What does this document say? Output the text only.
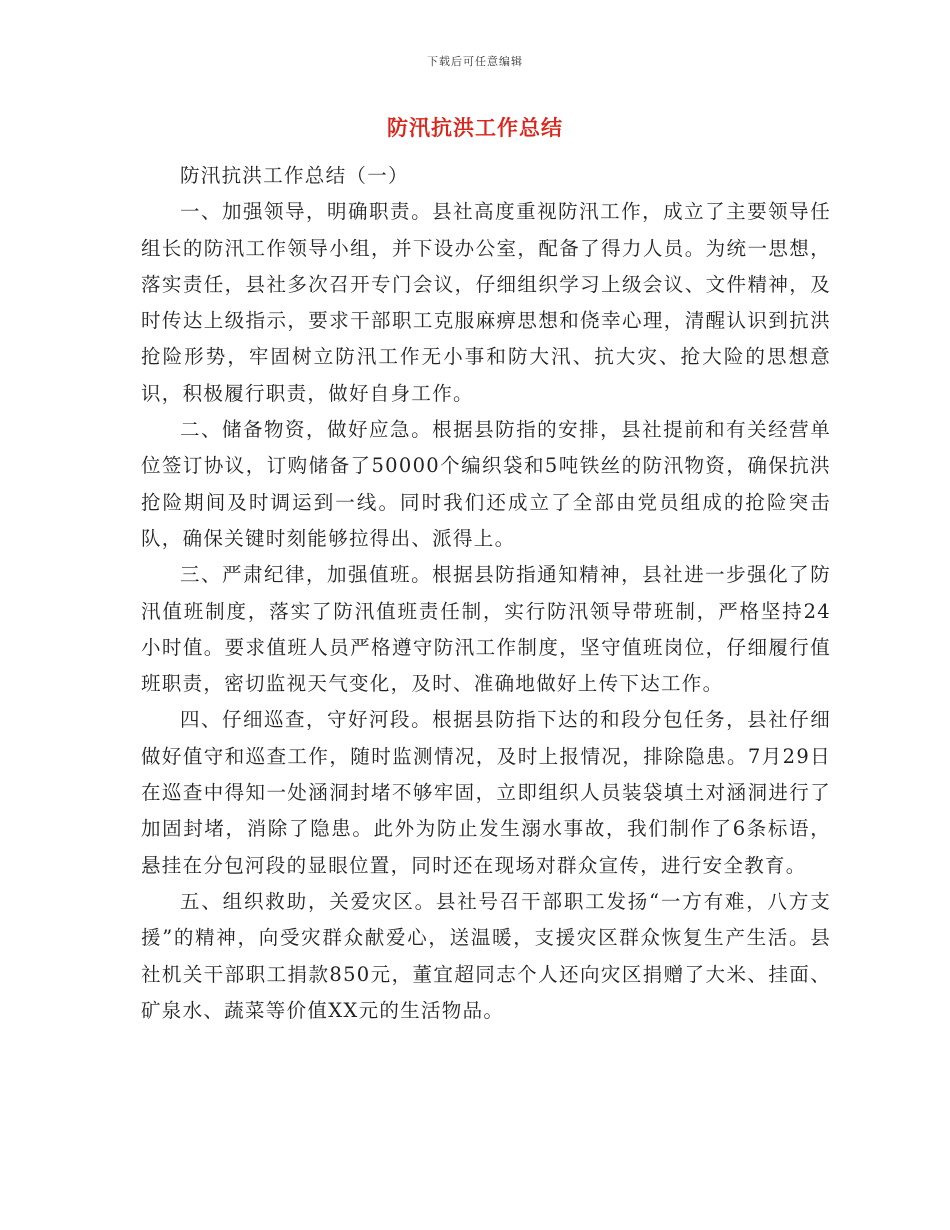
下载后可任意编辑
防汛抗洪工作总结

防汛抗洪工作总结（一）

一、加强领导，明确职责。县社高度重视防汛工作，成立了主要领导任组长的防汛工作领导小组，并下设办公室，配备了得力人员。为统一思想，落实责任，县社多次召开专门会议，仔细组织学习上级会议、文件精神，及时传达上级指示，要求干部职工克服麻痹思想和侥幸心理，清醒认识到抗洪抢险形势，牢固树立防汛工作无小事和防大汛、抗大灾、抢大险的思想意识，积极履行职责，做好自身工作。

二、储备物资，做好应急。根据县防指的安排，县社提前和有关经营单位签订协议，订购储备了50000个编织袋和5吨铁丝的防汛物资，确保抗洪抢险期间及时调运到一线。同时我们还成立了全部由党员组成的抢险突击队，确保关键时刻能够拉得出、派得上。

三、严肃纪律，加强值班。根据县防指通知精神，县社进一步强化了防汛值班制度，落实了防汛值班责任制，实行防汛领导带班制，严格坚持24小时值。要求值班人员严格遵守防汛工作制度，坚守值班岗位，仔细履行值班职责，密切监视天气变化，及时、准确地做好上传下达工作。

四、仔细巡查，守好河段。根据县防指下达的和段分包任务，县社仔细做好值守和巡查工作，随时监测情况，及时上报情况，排除隐患。7月29日在巡查中得知一处涵洞封堵不够牢固，立即组织人员装袋填土对涵洞进行了加固封堵，消除了隐患。此外为防止发生溺水事故，我们制作了6条标语，悬挂在分包河段的显眼位置，同时还在现场对群众宣传，进行安全教育。

五、组织救助，关爱灾区。县社号召干部职工发扬“一方有难，八方支援”的精神，向受灾群众献爱心，送温暖，支援灾区群众恢复生产生活。县社机关干部职工捐款850元，董宜超同志个人还向灾区捐赠了大米、挂面、矿泉水、蔬菜等价值XX元的生活物品。
